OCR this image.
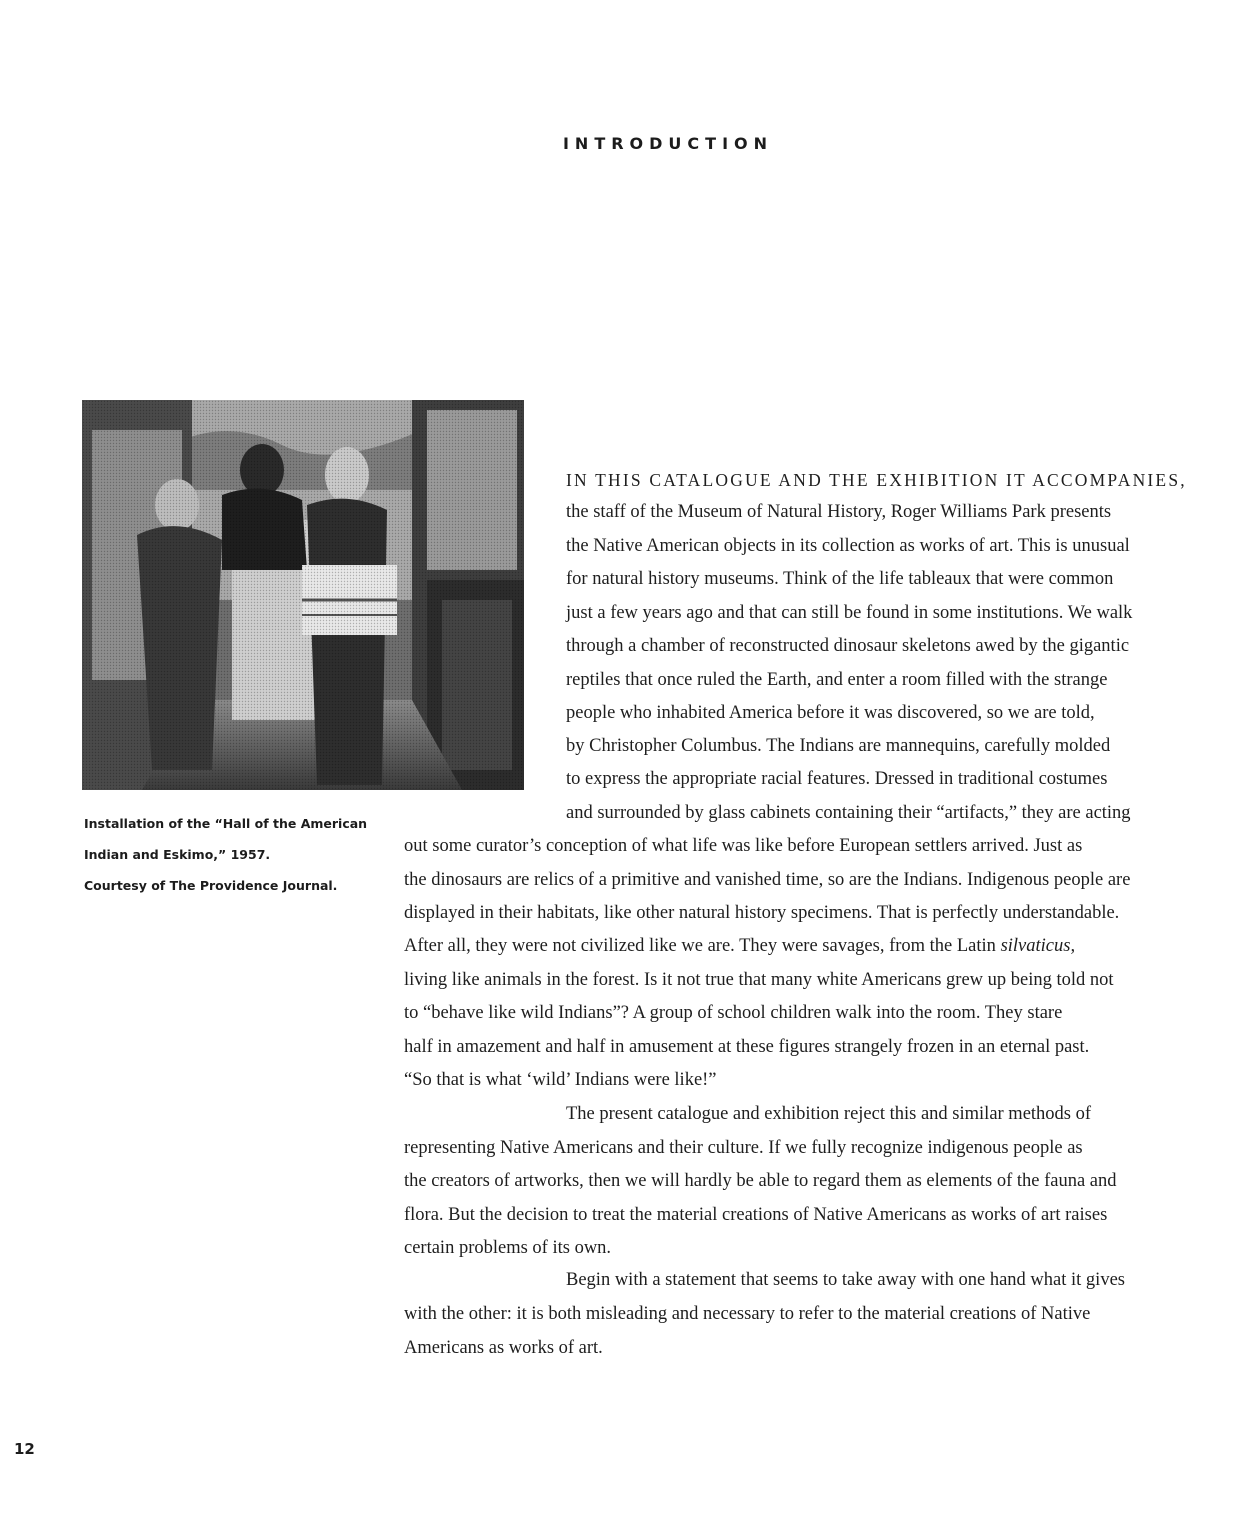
INTRODUCTION
Installation of the “Hall of the American
Indian and Eskimo,” 1957.
Courtesy of The Providence Journal.
IN THIS CATALOGUE AND THE EXHIBITION IT ACCOMPANIES,
the staff of the Museum of Natural History, Roger Williams Park presents
the Native American objects in its collection as works of art. This is unusual
for natural history museums. Think of the life tableaux that were common
just a few years ago and that can still be found in some institutions. We walk
through a chamber of reconstructed dinosaur skeletons awed by the gigantic
reptiles that once ruled the Earth, and enter a room filled with the strange
people who inhabited America before it was discovered, so we are told,
by Christopher Columbus. The Indians are mannequins, carefully molded
to express the appropriate racial features. Dressed in traditional costumes
and surrounded by glass cabinets containing their “artifacts,” they are acting
out some curator’s conception of what life was like before European settlers arrived. Just as
the dinosaurs are relics of a primitive and vanished time, so are the Indians. Indigenous people are
displayed in their habitats, like other natural history specimens. That is perfectly understandable.
After all, they were not civilized like we are. They were savages, from the Latin silvaticus,
living like animals in the forest. Is it not true that many white Americans grew up being told not
to “behave like wild Indians”? A group of school children walk into the room. They stare
half in amazement and half in amusement at these figures strangely frozen in an eternal past.
“So that is what ‘wild’ Indians were like!”
The present catalogue and exhibition reject this and similar methods of
representing Native Americans and their culture. If we fully recognize indigenous people as
the creators of artworks, then we will hardly be able to regard them as elements of the fauna and
flora. But the decision to treat the material creations of Native Americans as works of art raises
certain problems of its own.
Begin with a statement that seems to take away with one hand what it gives
with the other: it is both misleading and necessary to refer to the material creations of Native
Americans as works of art.

12
